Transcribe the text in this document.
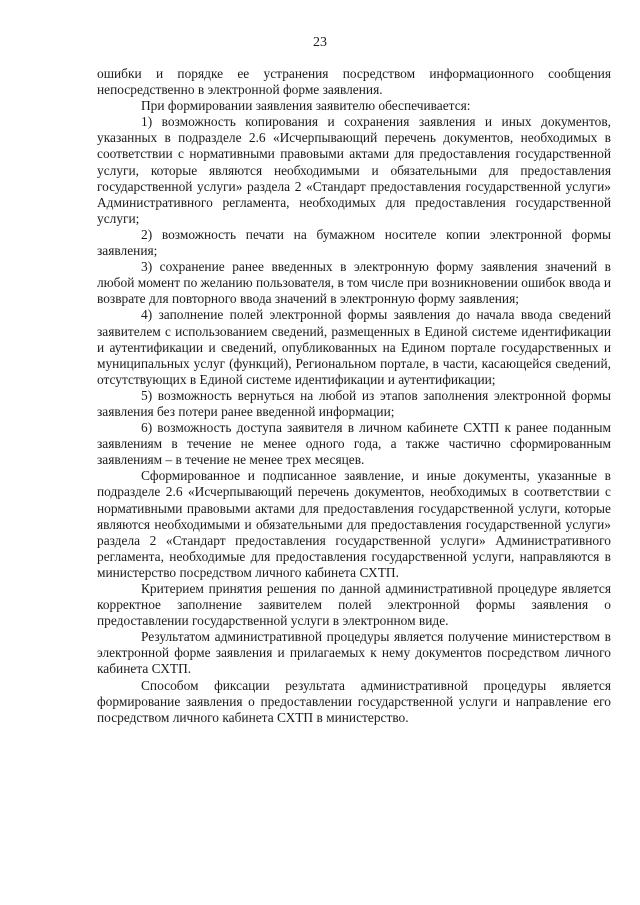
23

ошибки и порядке ее устранения посредством информационного сообщения непосредственно в электронной форме заявления.

При формировании заявления заявителю обеспечивается:

1) возможность копирования и сохранения заявления и иных документов, указанных в подразделе 2.6 «Исчерпывающий перечень документов, необходимых в соответствии с нормативными правовыми актами для предоставления государственной услуги, которые являются необходимыми и обязательными для предоставления государственной услуги» раздела 2 «Стандарт предоставления государственной услуги» Административного регламента, необходимых для предоставления государственной услуги;

2) возможность печати на бумажном носителе копии электронной формы заявления;

3) сохранение ранее введенных в электронную форму заявления значений в любой момент по желанию пользователя, в том числе при возникновении ошибок ввода и возврате для повторного ввода значений в электронную форму заявления;

4) заполнение полей электронной формы заявления до начала ввода сведений заявителем с использованием сведений, размещенных в Единой системе идентификации и аутентификации и сведений, опубликованных на Едином портале государственных и муниципальных услуг (функций), Региональном портале, в части, касающейся сведений, отсутствующих в Единой системе идентификации и аутентификации;

5) возможность вернуться на любой из этапов заполнения электронной формы заявления без потери ранее введенной информации;

6) возможность доступа заявителя в личном кабинете СХТП к ранее поданным заявлениям в течение не менее одного года, а также частично сформированным заявлениям – в течение не менее трех месяцев.

Сформированное и подписанное заявление, и иные документы, указанные в подразделе 2.6 «Исчерпывающий перечень документов, необходимых в соответствии с нормативными правовыми актами для предоставления государственной услуги, которые являются необходимыми и обязательными для предоставления государственной услуги» раздела 2 «Стандарт предоставления государственной услуги» Административного регламента, необходимые для предоставления государственной услуги, направляются в министерство посредством личного кабинета СХТП.

Критерием принятия решения по данной административной процедуре является корректное заполнение заявителем полей электронной формы заявления о предоставлении государственной услуги в электронном виде.

Результатом административной процедуры является получение министерством в электронной форме заявления и прилагаемых к нему документов посредством личного кабинета СХТП.

Способом фиксации результата административной процедуры является формирование заявления о предоставлении государственной услуги и направление его посредством личного кабинета СХТП в министерство.
